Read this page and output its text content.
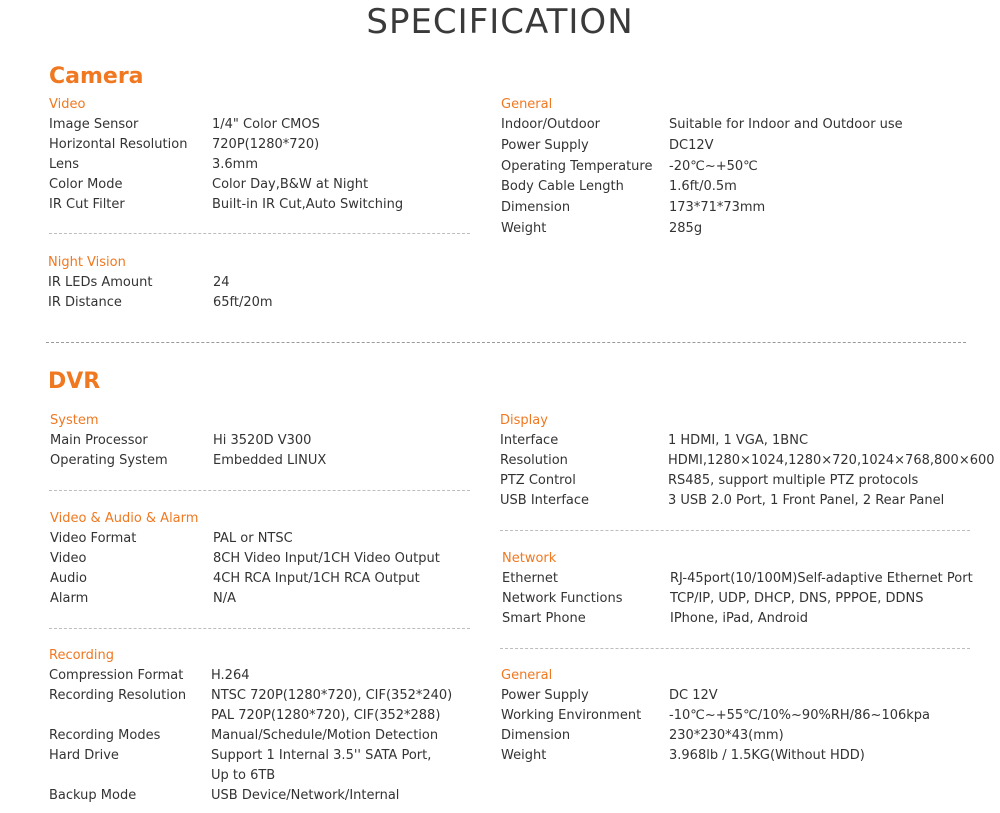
SPECIFICATION
Camera
Video
Image Sensor	1/4" Color CMOS
Horizontal Resolution 720P(1280*720)
Lens	3.6mm
Color Mode	Color Day,B&W at Night
IR Cut Filter	Built-in IR Cut,Auto Switching
Night Vision
IR LEDs Amount	24
IR Distance	65ft/20m
General
Indoor/Outdoor	Suitable for Indoor and Outdoor use
Power Supply	DC12V
Operating Temperature -20℃~+50℃
Body Cable Length	1.6ft/0.5m
Dimension	173*71*73mm
Weight	285g
DVR
System
Main Processor	Hi 3520D V300
Operating System	Embedded LINUX
Video & Audio & Alarm
Video Format	PAL or NTSC
Video	8CH Video Input/1CH Video Output
Audio	4CH RCA Input/1CH RCA Output
Alarm	N/A
Recording
Compression Format H.264
Recording Resolution NTSC 720P(1280*720), CIF(352*240)
PAL 720P(1280*720), CIF(352*288)
Recording Modes	Manual/Schedule/Motion Detection
Hard Drive	Support 1 Internal 3.5'' SATA Port,
Up to 6TB
Backup Mode	USB Device/Network/Internal
Display
Interface	1 HDMI, 1 VGA, 1BNC
Resolution	HDMI,1280×1024,1280×720,1024×768,800×600
PTZ Control	RS485, support multiple PTZ protocols
USB Interface	3 USB 2.0 Port, 1 Front Panel, 2 Rear Panel
Network
Ethernet	RJ-45port(10/100M)Self-adaptive Ethernet Port
Network Functions	TCP/IP, UDP, DHCP, DNS, PPPOE, DDNS
Smart Phone	IPhone, iPad, Android
General
Power Supply	DC 12V
Working Environment -10℃~+55℃/10%~90%RH/86~106kpa
Dimension	230*230*43(mm)
Weight	3.968lb / 1.5KG(Without HDD)
